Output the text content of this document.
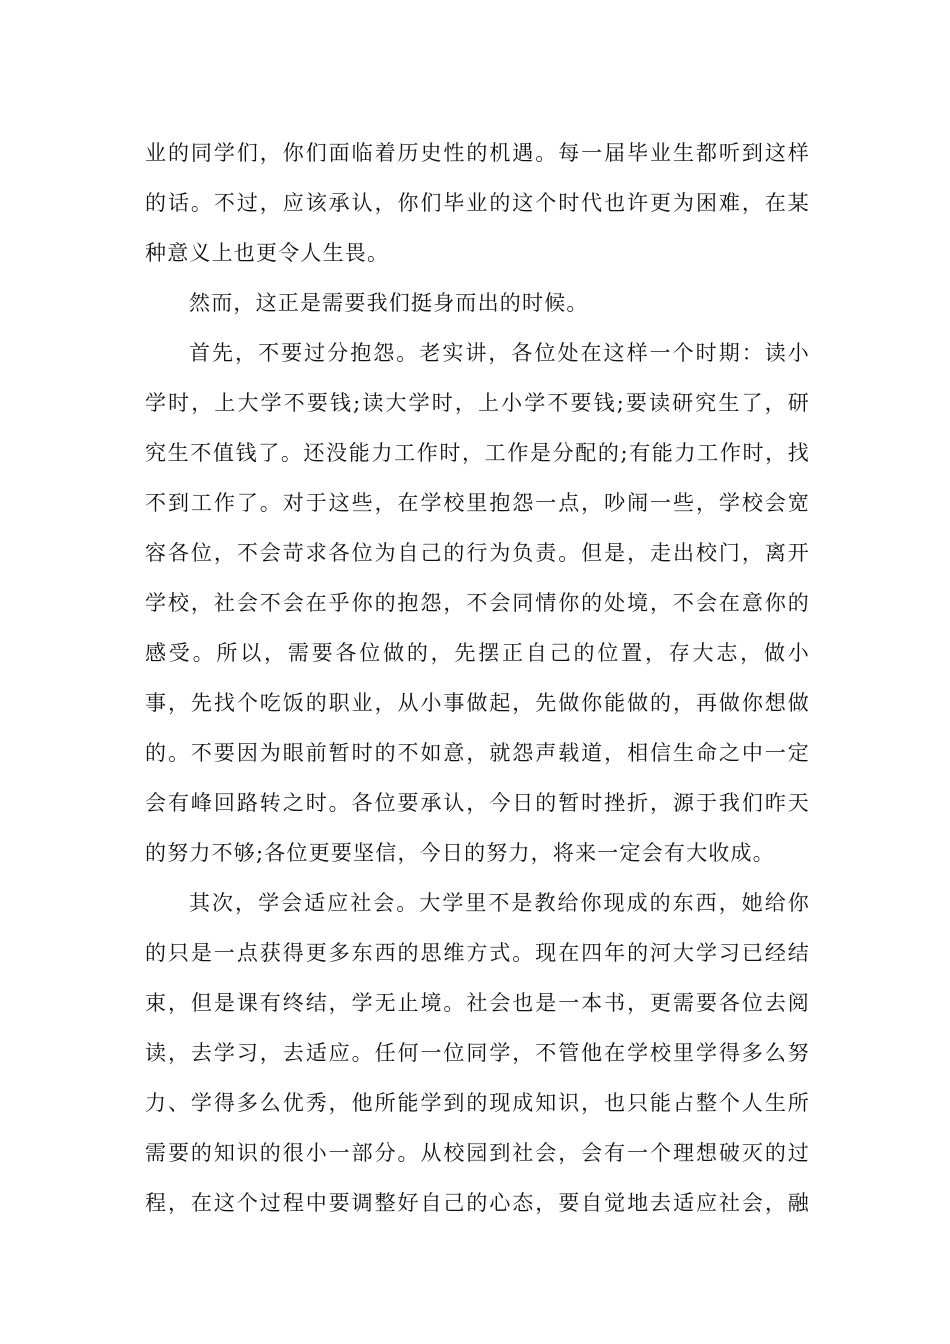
业的同学们，你们面临着历史性的机遇。每一届毕业生都听到这样
的话。不过，应该承认，你们毕业的这个时代也许更为困难，在某
种意义上也更令人生畏。

然而，这正是需要我们挺身而出的时候。

首先，不要过分抱怨。老实讲，各位处在这样一个时期：读小
学时，上大学不要钱;读大学时，上小学不要钱;要读研究生了，研
究生不值钱了。还没能力工作时，工作是分配的;有能力工作时，找
不到工作了。对于这些，在学校里抱怨一点，吵闹一些，学校会宽
容各位，不会苛求各位为自己的行为负责。但是，走出校门，离开
学校，社会不会在乎你的抱怨，不会同情你的处境，不会在意你的
感受。所以，需要各位做的，先摆正自己的位置，存大志，做小
事，先找个吃饭的职业，从小事做起，先做你能做的，再做你想做
的。不要因为眼前暂时的不如意，就怨声载道，相信生命之中一定
会有峰回路转之时。各位要承认，今日的暂时挫折，源于我们昨天
的努力不够;各位更要坚信，今日的努力，将来一定会有大收成。

其次，学会适应社会。大学里不是教给你现成的东西，她给你
的只是一点获得更多东西的思维方式。现在四年的河大学习已经结
束，但是课有终结，学无止境。社会也是一本书，更需要各位去阅
读，去学习，去适应。任何一位同学，不管他在学校里学得多么努
力、学得多么优秀，他所能学到的现成知识，也只能占整个人生所
需要的知识的很小一部分。从校园到社会，会有一个理想破灭的过
程，在这个过程中要调整好自己的心态，要自觉地去适应社会，融
